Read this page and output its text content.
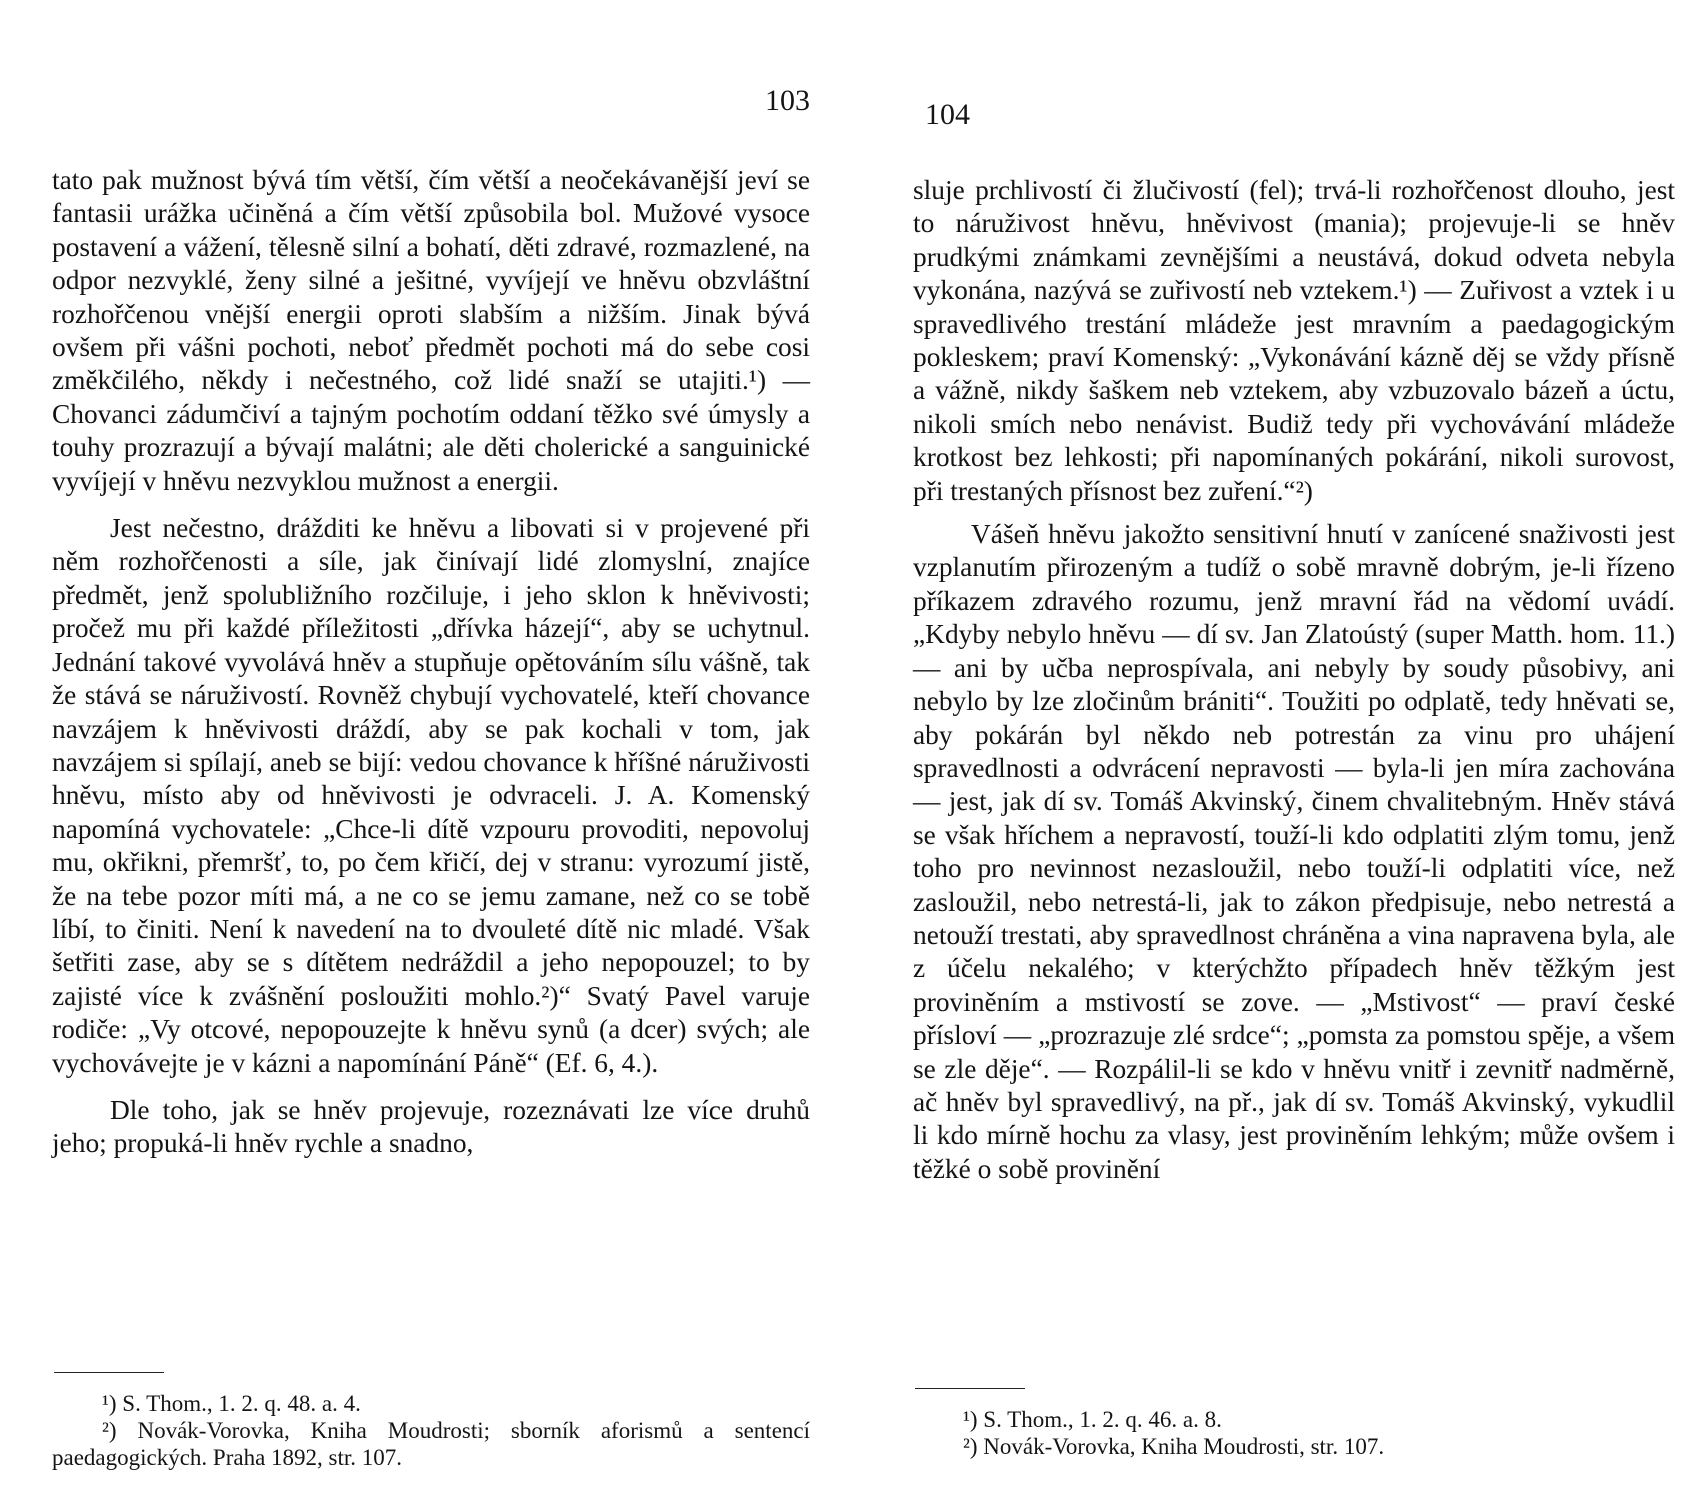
103

tato pak mužnost bývá tím větší, čím větší a neočekávanější jeví se fantasii urážka učiněná a čím větší způsobila bol. Mužové vysoce postavení a vážení, tělesně silní a bohatí, děti zdravé, rozmazlené, na odpor nezvyklé, ženy silné a ješitné, vyvíjejí ve hněvu obzvláštní rozhořčenou vnější energii oproti slabším a nižším. Jinak bývá ovšem při vášni pochoti, neboť předmět pochoti má do sebe cosi změkčilého, někdy i nečestného, což lidé snaží se utajiti.¹) — Chovanci zádumčiví a tajným pochotím oddaní těžko své úmysly a touhy prozrazují a bývají malátni; ale děti cholerické a sanguinické vyvíjejí v hněvu nezvyklou mužnost a energii.

Jest nečestno, drážditi ke hněvu a libovati si v projevené při něm rozhořčenosti a síle, jak činívají lidé zlomyslní, znajíce předmět, jenž spolubližního rozčiluje, i jeho sklon k hněvivosti; pročež mu při každé příležitosti „dřívka házejí“, aby se uchytnul. Jednání takové vyvolává hněv a stupňuje opětováním sílu vášně, tak že stává se náruživostí. Rovněž chybují vychovatelé, kteří chovance navzájem k hněvivosti dráždí, aby se pak kochali v tom, jak navzájem si spílají, aneb se bijí: vedou chovance k hříšné náruživosti hněvu, místo aby od hněvivosti je odvraceli. J. A. Komenský napomíná vychovatele: „Chce-li dítě vzpouru provoditi, nepovoluj mu, okřikni, přemršť, to, po čem křičí, dej v stranu: vyrozumí jistě, že na tebe pozor míti má, a ne co se jemu zamane, než co se tobě líbí, to činiti. Není k navedení na to dvouleté dítě nic mladé. Však šetřiti zase, aby se s dítětem nedráždil a jeho nepopouzel; to by zajisté více k zvášnění posloužiti mohlo.²)“ Svatý Pavel varuje rodiče: „Vy otcové, nepopouzejte k hněvu synů (a dcer) svých; ale vychovávejte je v kázni a napomínání Páně“ (Ef. 6, 4.).

Dle toho, jak se hněv projevuje, rozeznávati lze více druhů jeho; propuká-li hněv rychle a snadno,

¹) S. Thom., 1. 2. q. 48. a. 4.
²) Novák-Vorovka, Kniha Moudrosti; sborník aforismů a sentencí paedagogických. Praha 1892, str. 107.
104

sluje prchlivostí či žlučivostí (fel); trvá-li rozhořčenost dlouho, jest to náruživost hněvu, hněvivost (mania); projevuje-li se hněv prudkými známkami zevnějšími a neustává, dokud odveta nebyla vykonána, nazývá se zuřivostí neb vztekem.¹) — Zuřivost a vztek i u spravedlivého trestání mládeže jest mravním a paedagogickým pokleskem; praví Komenský: „Vykonávání kázně děj se vždy přísně a vážně, nikdy šaškem neb vztekem, aby vzbuzovalo bázeň a úctu, nikoli smích nebo nenávist. Budiž tedy při vychovávání mládeže krotkost bez lehkosti; při napomínaných pokárání, nikoli surovost, při trestaných přísnost bez zuření.“²)

Vášeň hněvu jakožto sensitivní hnutí v zanícené snaživosti jest vzplanutím přirozeným a tudíž o sobě mravně dobrým, je-li řízeno příkazem zdravého rozumu, jenž mravní řád na vědomí uvádí. „Kdyby nebylo hněvu — dí sv. Jan Zlatoústý (super Matth. hom. 11.) — ani by učba neprospívala, ani nebyly by soudy působivy, ani nebylo by lze zločinům brániti“. Toužiti po odplatě, tedy hněvati se, aby pokárán byl někdo neb potrestán za vinu pro uhájení spravedlnosti a odvrácení nepravosti — byla-li jen míra zachována — jest, jak dí sv. Tomáš Akvinský, činem chvalitebným. Hněv stává se však hříchem a nepravostí, touží-li kdo odplatiti zlým tomu, jenž toho pro nevinnost nezasloužil, nebo touží-li odplatiti více, než zasloužil, nebo netrestá-li, jak to zákon předpisuje, nebo netrestá a netouží trestati, aby spravedlnost chráněna a vina napravena byla, ale z účelu nekalého; v kterýchžto případech hněv těžkým jest proviněním a mstivostí se zove. — „Mstivost“ — praví české přísloví — „prozrazuje zlé srdce“; „pomsta za pomstou spěje, a všem se zle děje“. — Rozpálil-li se kdo v hněvu vnitř i zevnitř nadměrně, ač hněv byl spravedlivý, na př., jak dí sv. Tomáš Akvinský, vykudlil li kdo mírně hochu za vlasy, jest proviněním lehkým; může ovšem i těžké o sobě provinění

¹) S. Thom., 1. 2. q. 46. a. 8.
²) Novák-Vorovka, Kniha Moudrosti, str. 107.
